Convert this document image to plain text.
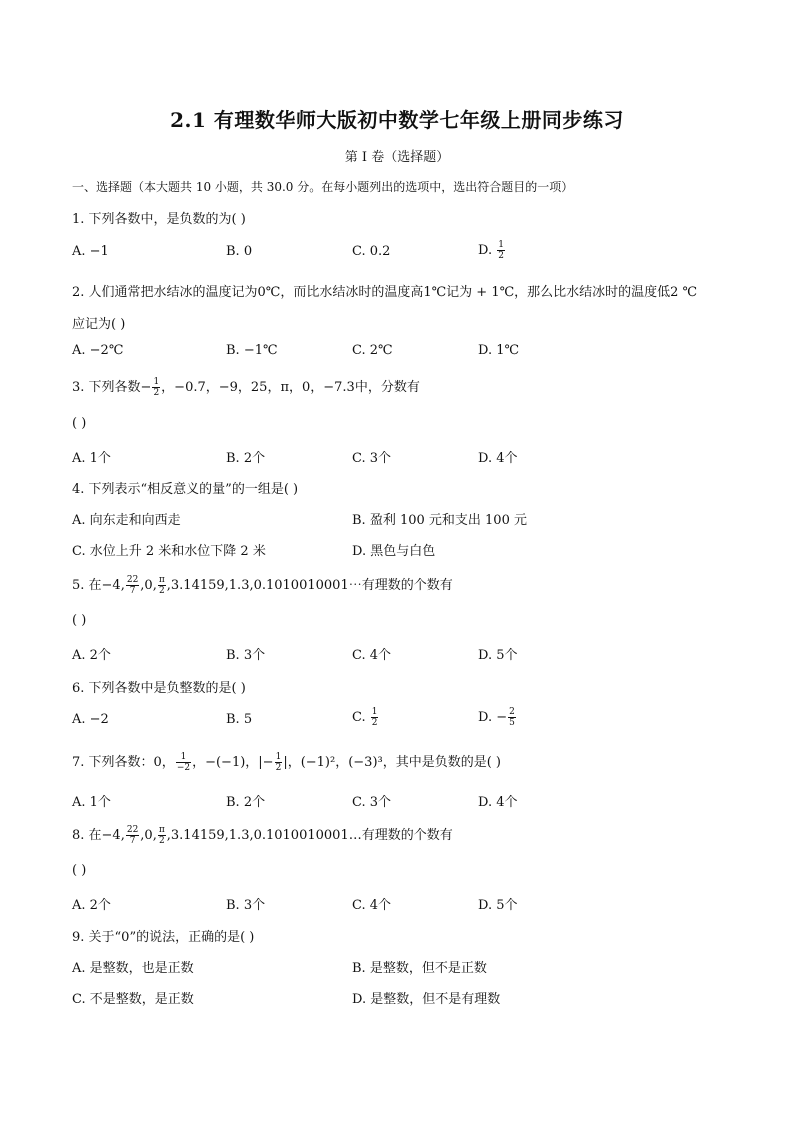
2.1 有理数华师大版初中数学七年级上册同步练习
第 I 卷（选择题）
一、选择题（本大题共 10 小题，共 30.0 分。在每小题列出的选项中，选出符合题目的一项）
1. 下列各数中，是负数的为( )
A. −1	B. 0	C. 0.2	D. $\frac{1}{2}$
2. 人们通常把水结冰的温度记为0℃，而比水结冰时的温度高1℃记为 + 1℃，那么比水结冰时的温度低2 ℃
应记为( )
A. −2℃	B. −1℃	C. 2℃	D. 1℃
3. 下列各数− $\frac{1}{2}$ ，−0.7，−9，25，π，0，−7.3中，分数有
( )
A. 1个	B. 2个	C. 3个	D. 4个
4. 下列表示“相反意义的量”的一组是( )
A. 向东走和向西走	B. 盈利 100 元和支出 100 元
C. 水位上升 2 米和水位下降 2 米	D. 黑色与白色
5. 在−4, $\frac{22}{7} ,0$, $\frac{\pi}{2}$ ,3.14159,1.3,0.1010010001⋯有理数的个数有
( )
A. 2个	B. 3个	C. 4个	D. 5个
6. 下列各数中是负整数的是( )
A. −2	B. 5	C. $\frac{1}{2}$	D. − $\frac{2}{5}$
7. 下列各数：0， $\frac{1}{-2}$ ，−(−1)，|− $\frac{1}{2}$ |，(−1)²，(−3)³，其中是负数的是( )
A. 1个	B. 2个	C. 3个	D. 4个
8. 在−4, $\frac{22}{7} ,0$, $\frac{\pi}{2}$ ,3.14159,1.3,0.1010010001…有理数的个数有
( )
A. 2个	B. 3个	C. 4个	D. 5个
9. 关于“0”的说法，正确的是( )
A. 是整数，也是正数	B. 是整数，但不是正数
C. 不是整数，是正数	D. 是整数，但不是有理数
